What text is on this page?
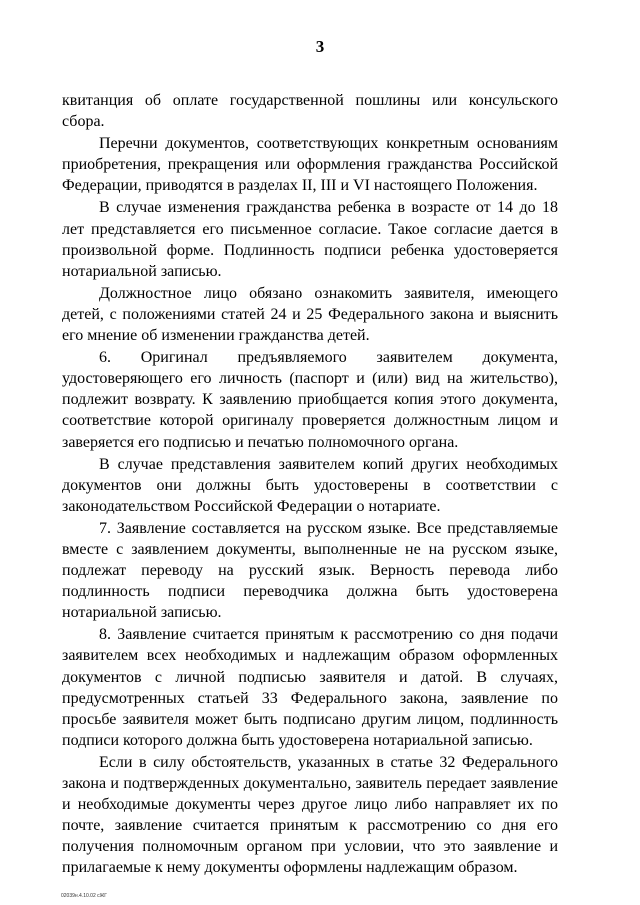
3

квитанция об оплате государственной пошлины или консульского сбора.

Перечни документов, соответствующих конкретным основаниям приобретения, прекращения или оформления гражданства Российской Федерации, приводятся в разделах II, III и VI настоящего Положения.

В случае изменения гражданства ребенка в возрасте от 14 до 18 лет представляется его письменное согласие. Такое согласие дается в произвольной форме. Подлинность подписи ребенка удостоверяется нотариальной записью.

Должностное лицо обязано ознакомить заявителя, имеющего детей, с положениями статей 24 и 25 Федерального закона и выяснить его мнение об изменении гражданства детей.

6. Оригинал предъявляемого заявителем документа, удостоверяющего его личность (паспорт и (или) вид на жительство), подлежит возврату. К заявлению приобщается копия этого документа, соответствие которой оригиналу проверяется должностным лицом и заверяется его подписью и печатью полномочного органа.

В случае представления заявителем копий других необходимых документов они должны быть удостоверены в соответствии с законодательством Российской Федерации о нотариате.

7. Заявление составляется на русском языке. Все представляемые вместе с заявлением документы, выполненные не на русском языке, подлежат переводу на русский язык. Верность перевода либо подлинность подписи переводчика должна быть удостоверена нотариальной записью.

8. Заявление считается принятым к рассмотрению со дня подачи заявителем всех необходимых и надлежащим образом оформленных документов с личной подписью заявителя и датой. В случаях, предусмотренных статьей 33 Федерального закона, заявление по просьбе заявителя может быть подписано другим лицом, подлинность подписи которого должна быть удостоверена нотариальной записью.

Если в силу обстоятельств, указанных в статье 32 Федерального закона и подтвержденных документально, заявитель передает заявление и необходимые документы через другое лицо либо направляет их по почте, заявление считается принятым к рассмотрению со дня его получения полномочным органом при условии, что это заявление и прилагаемые к нему документы оформлены надлежащим образом.

02039н.4.10.02 сЖГ
